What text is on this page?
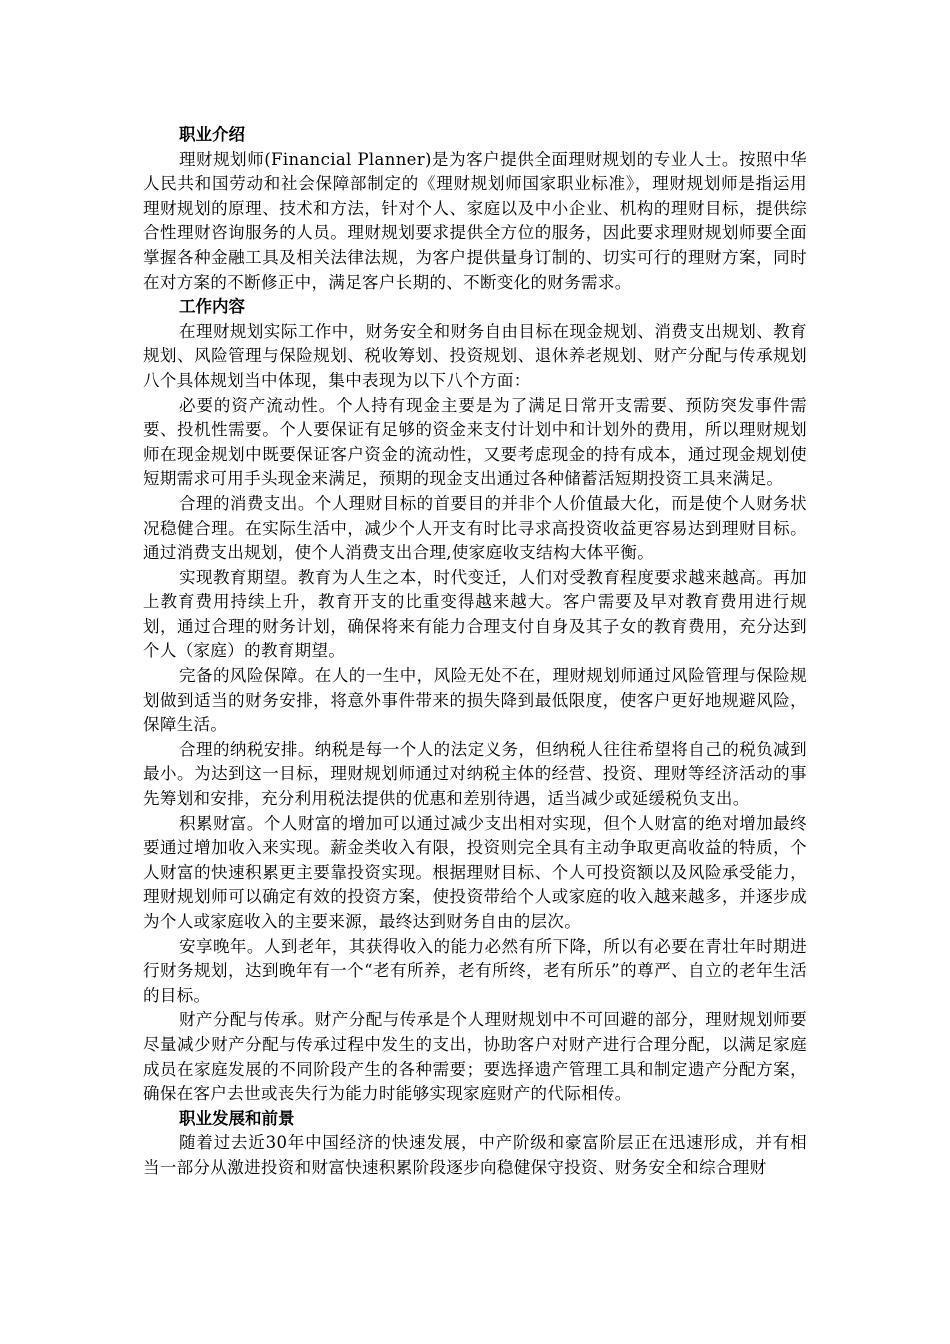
职业介绍

理财规划师(Financial Planner)是为客户提供全面理财规划的专业人士。按照中华人民共和国劳动和社会保障部制定的《理财规划师国家职业标准》，理财规划师是指运用理财规划的原理、技术和方法，针对个人、家庭以及中小企业、机构的理财目标，提供综合性理财咨询服务的人员。理财规划要求提供全方位的服务，因此要求理财规划师要全面掌握各种金融工具及相关法律法规，为客户提供量身订制的、切实可行的理财方案，同时在对方案的不断修正中，满足客户长期的、不断变化的财务需求。

工作内容

在理财规划实际工作中，财务安全和财务自由目标在现金规划、消费支出规划、教育规划、风险管理与保险规划、税收筹划、投资规划、退休养老规划、财产分配与传承规划八个具体规划当中体现，集中表现为以下八个方面：

必要的资产流动性。个人持有现金主要是为了满足日常开支需要、预防突发事件需要、投机性需要。个人要保证有足够的资金来支付计划中和计划外的费用，所以理财规划师在现金规划中既要保证客户资金的流动性，又要考虑现金的持有成本，通过现金规划使短期需求可用手头现金来满足，预期的现金支出通过各种储蓄活短期投资工具来满足。

合理的消费支出。个人理财目标的首要目的并非个人价值最大化，而是使个人财务状况稳健合理。在实际生活中，减少个人开支有时比寻求高投资收益更容易达到理财目标。通过消费支出规划，使个人消费支出合理,使家庭收支结构大体平衡。

实现教育期望。教育为人生之本，时代变迁，人们对受教育程度要求越来越高。再加上教育费用持续上升，教育开支的比重变得越来越大。客户需要及早对教育费用进行规划，通过合理的财务计划，确保将来有能力合理支付自身及其子女的教育费用，充分达到个人（家庭）的教育期望。

完备的风险保障。在人的一生中，风险无处不在，理财规划师通过风险管理与保险规划做到适当的财务安排，将意外事件带来的损失降到最低限度，使客户更好地规避风险，保障生活。

合理的纳税安排。纳税是每一个人的法定义务，但纳税人往往希望将自己的税负减到最小。为达到这一目标，理财规划师通过对纳税主体的经营、投资、理财等经济活动的事先筹划和安排，充分利用税法提供的优惠和差别待遇，适当减少或延缓税负支出。

积累财富。个人财富的增加可以通过减少支出相对实现，但个人财富的绝对增加最终要通过增加收入来实现。薪金类收入有限，投资则完全具有主动争取更高收益的特质，个人财富的快速积累更主要靠投资实现。根据理财目标、个人可投资额以及风险承受能力，理财规划师可以确定有效的投资方案，使投资带给个人或家庭的收入越来越多，并逐步成为个人或家庭收入的主要来源，最终达到财务自由的层次。

安享晚年。人到老年，其获得收入的能力必然有所下降，所以有必要在青壮年时期进行财务规划，达到晚年有一个“老有所养，老有所终，老有所乐”的尊严、自立的老年生活的目标。

财产分配与传承。财产分配与传承是个人理财规划中不可回避的部分，理财规划师要尽量减少财产分配与传承过程中发生的支出，协助客户对财产进行合理分配，以满足家庭成员在家庭发展的不同阶段产生的各种需要；要选择遗产管理工具和制定遗产分配方案，确保在客户去世或丧失行为能力时能够实现家庭财产的代际相传。

职业发展和前景

随着过去近30年中国经济的快速发展，中产阶级和豪富阶层正在迅速形成，并有相当一部分从激进投资和财富快速积累阶段逐步向稳健保守投资、财务安全和综合理财
